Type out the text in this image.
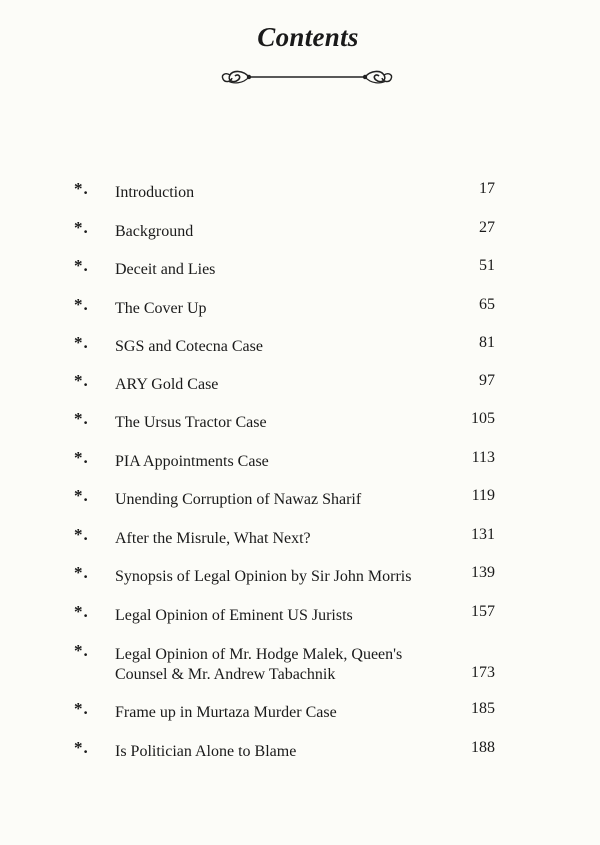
Contents
*. Introduction	17
*. Background	27
*. Deceit and Lies	51
*. The Cover Up	65
*. SGS and Cotecna Case	81
*. ARY Gold Case	97
*. The Ursus Tractor Case	105
*. PIA Appointments Case	113
*. Unending Corruption of Nawaz Sharif	119
*. After the Misrule, What Next?	131
*. Synopsis of Legal Opinion by Sir John Morris	139
*. Legal Opinion of Eminent US Jurists	157
*. Legal Opinion of Mr. Hodge Malek, Queen's
Counsel & Mr. Andrew Tabachnik	173
*. Frame up in Murtaza Murder Case	185
*. Is Politician Alone to Blame	188
